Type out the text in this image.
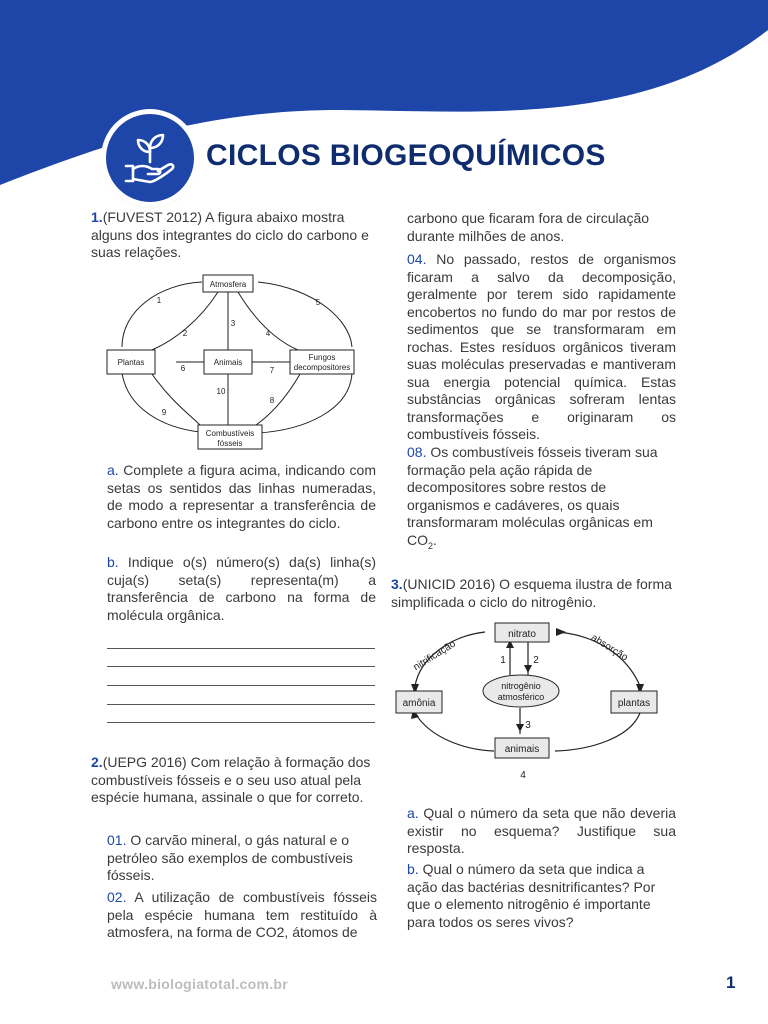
CICLOS BIOGEOQUÍMICOS

1.(FUVEST 2012) A figura abaixo mostra alguns dos integrantes do ciclo do carbono e suas relações.

Atmosfera
Plantas	Animais
Fungos
decompositores
Combustíveis
fósseis
1
2
3
4
5
6	7
8
9
10

a. Complete a figura acima, indicando com setas os sentidos das linhas numeradas, de modo a representar a transferência de carbono entre os integrantes do ciclo.

b. Indique o(s) número(s) da(s) linha(s) cuja(s) seta(s) representa(m) a transferência de carbono na forma de molécula orgânica.

2.(UEPG 2016) Com relação à formação dos combustíveis fósseis e o seu uso atual pela espécie humana, assinale o que for correto.

01. O carvão mineral, o gás natural e o petróleo são exemplos de combustíveis fósseis.

02. A utilização de combustíveis fósseis pela espécie humana tem restituído à atmosfera, na forma de CO2, átomos de

carbono que ficaram fora de circulação durante milhões de anos.

04. No passado, restos de organismos ficaram a salvo da decomposição, geralmente por terem sido rapidamente encobertos no fundo do mar por restos de sedimentos que se transformaram em rochas. Estes resíduos orgânicos tiveram suas moléculas preservadas e mantiveram sua energia potencial química. Estas substâncias orgânicas sofreram lentas transformações e originaram os combustíveis fósseis.

08. Os combustíveis fósseis tiveram sua formação pela ação rápida de decompositores sobre restos de organismos e cadáveres, os quais transformaram moléculas orgânicas em $CO_2$.

3.(UNICID 2016) O esquema ilustra de forma simplificada o ciclo do nitrogênio.

nitrato
amônia	plantas
animais
nitrogênio
atmosférico
nitrificação	absorção
1	2
3
4

a. Qual o número da seta que não deveria existir no esquema? Justifique sua resposta.

b. Qual o número da seta que indica a ação das bactérias desnitrificantes? Por que o elemento nitrogênio é importante para todos os seres vivos?

www.biologiatotal.com.br	1
